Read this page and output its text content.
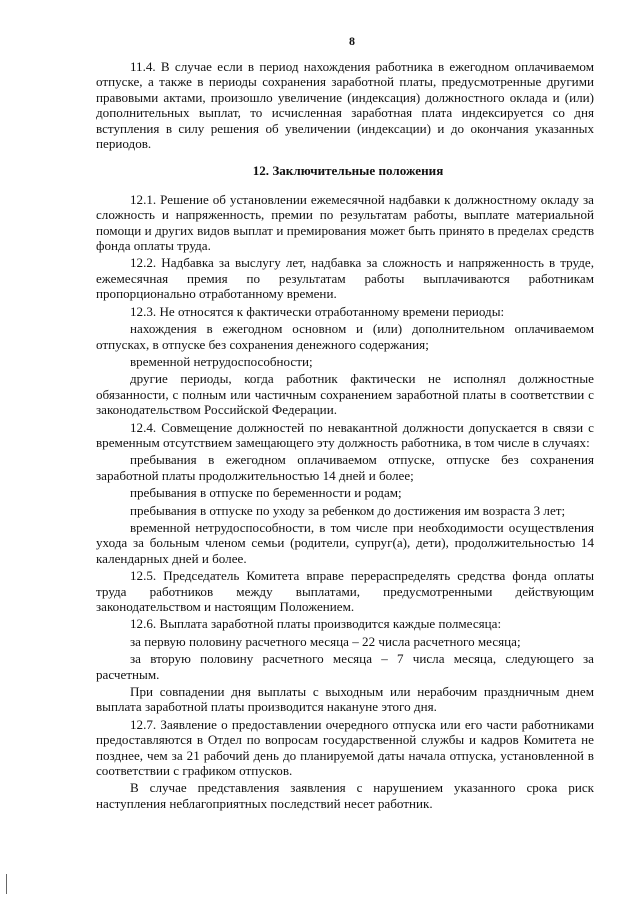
8

11.4. В случае если в период нахождения работника в ежегодном оплачиваемом отпуске, а также в периоды сохранения заработной платы, предусмотренные другими правовыми актами, произошло увеличение (индексация) должностного оклада и (или) дополнительных выплат, то исчисленная заработная плата индексируется со дня вступления в силу решения об увеличении (индексации) и до окончания указанных периодов.

12. Заключительные положения

12.1. Решение об установлении ежемесячной надбавки к должностному окладу за сложность и напряженность, премии по результатам работы, выплате материальной помощи и других видов выплат и премирования может быть принято в пределах средств фонда оплаты труда.

12.2. Надбавка за выслугу лет, надбавка за сложность и напряженность в труде, ежемесячная премия по результатам работы выплачиваются работникам пропорционально отработанному времени.

12.3. Не относятся к фактически отработанному времени периоды:

нахождения в ежегодном основном и (или) дополнительном оплачиваемом отпусках, в отпуске без сохранения денежного содержания;

временной нетрудоспособности;

другие периоды, когда работник фактически не исполнял должностные обязанности, с полным или частичным сохранением заработной платы в соответствии с законодательством Российской Федерации.

12.4. Совмещение должностей по невакантной должности допускается в связи с временным отсутствием замещающего эту должность работника, в том числе в случаях:

пребывания в ежегодном оплачиваемом отпуске, отпуске без сохранения заработной платы продолжительностью 14 дней и более;

пребывания в отпуске по беременности и родам;

пребывания в отпуске по уходу за ребенком до достижения им возраста 3 лет;

временной нетрудоспособности, в том числе при необходимости осуществления ухода за больным членом семьи (родители, супруг(а), дети), продолжительностью 14 календарных дней и более.

12.5. Председатель Комитета вправе перераспределять средства фонда оплаты труда работников между выплатами, предусмотренными действующим законодательством и настоящим Положением.

12.6. Выплата заработной платы производится каждые полмесяца:

за первую половину расчетного месяца – 22 числа расчетного месяца;

за вторую половину расчетного месяца – 7 числа месяца, следующего за расчетным.

При совпадении дня выплаты с выходным или нерабочим праздничным днем выплата заработной платы производится накануне этого дня.

12.7. Заявление о предоставлении очередного отпуска или его части работниками предоставляются в Отдел по вопросам государственной службы и кадров Комитета не позднее, чем за 21 рабочий день до планируемой даты начала отпуска, установленной в соответствии с графиком отпусков.

В случае представления заявления с нарушением указанного срока риск наступления неблагоприятных последствий несет работник.
